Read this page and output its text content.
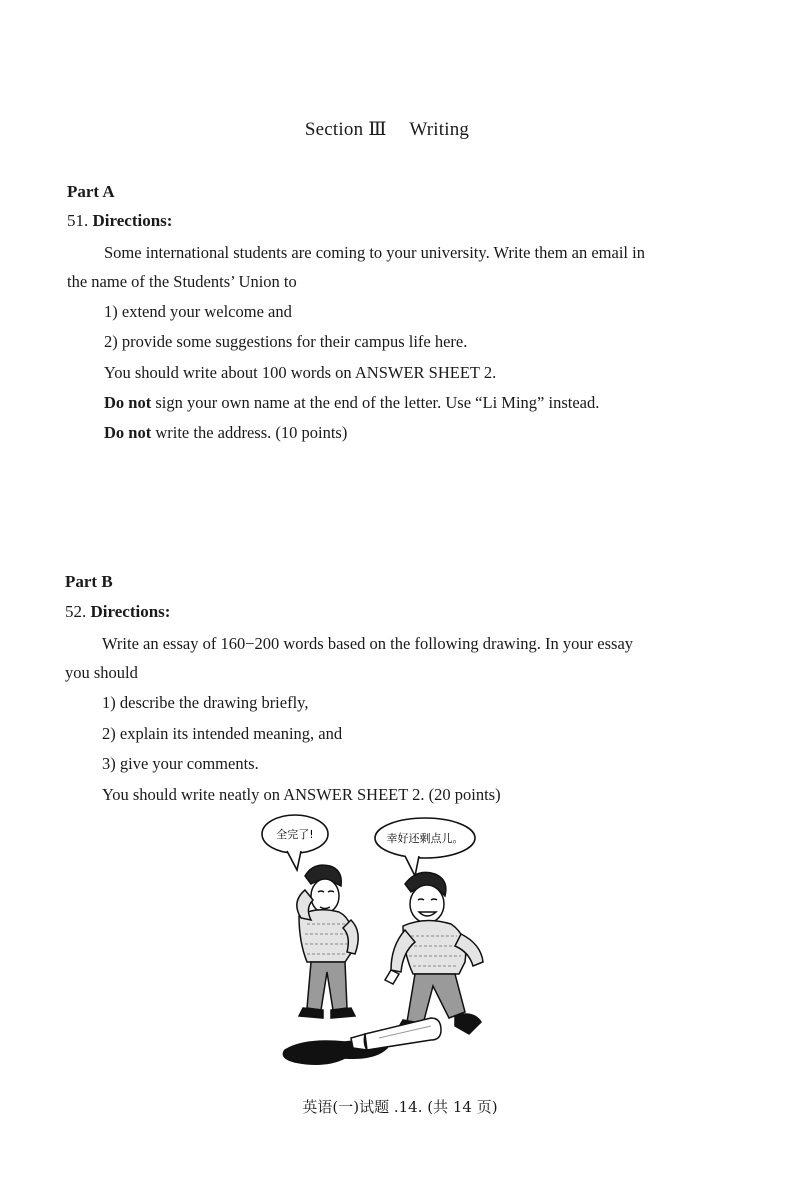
Section Ⅲ Writing
Part A
51. Directions:
Some international students are coming to your university. Write them an email in
the name of the Students’ Union to
1) extend your welcome and
2) provide some suggestions for their campus life here.
You should write about 100 words on ANSWER SHEET 2.
Do not sign your own name at the end of the letter. Use “Li Ming” instead.
Do not write the address. (10 points)
Part B
52. Directions:
Write an essay of 160−200 words based on the following drawing. In your essay
you should
1) describe the drawing briefly,
2) explain its intended meaning, and
3) give your comments.
You should write neatly on ANSWER SHEET 2. (20 points)
全完了!	幸好还剩点儿。
英语(一)试题 .14. (共 14 页)
